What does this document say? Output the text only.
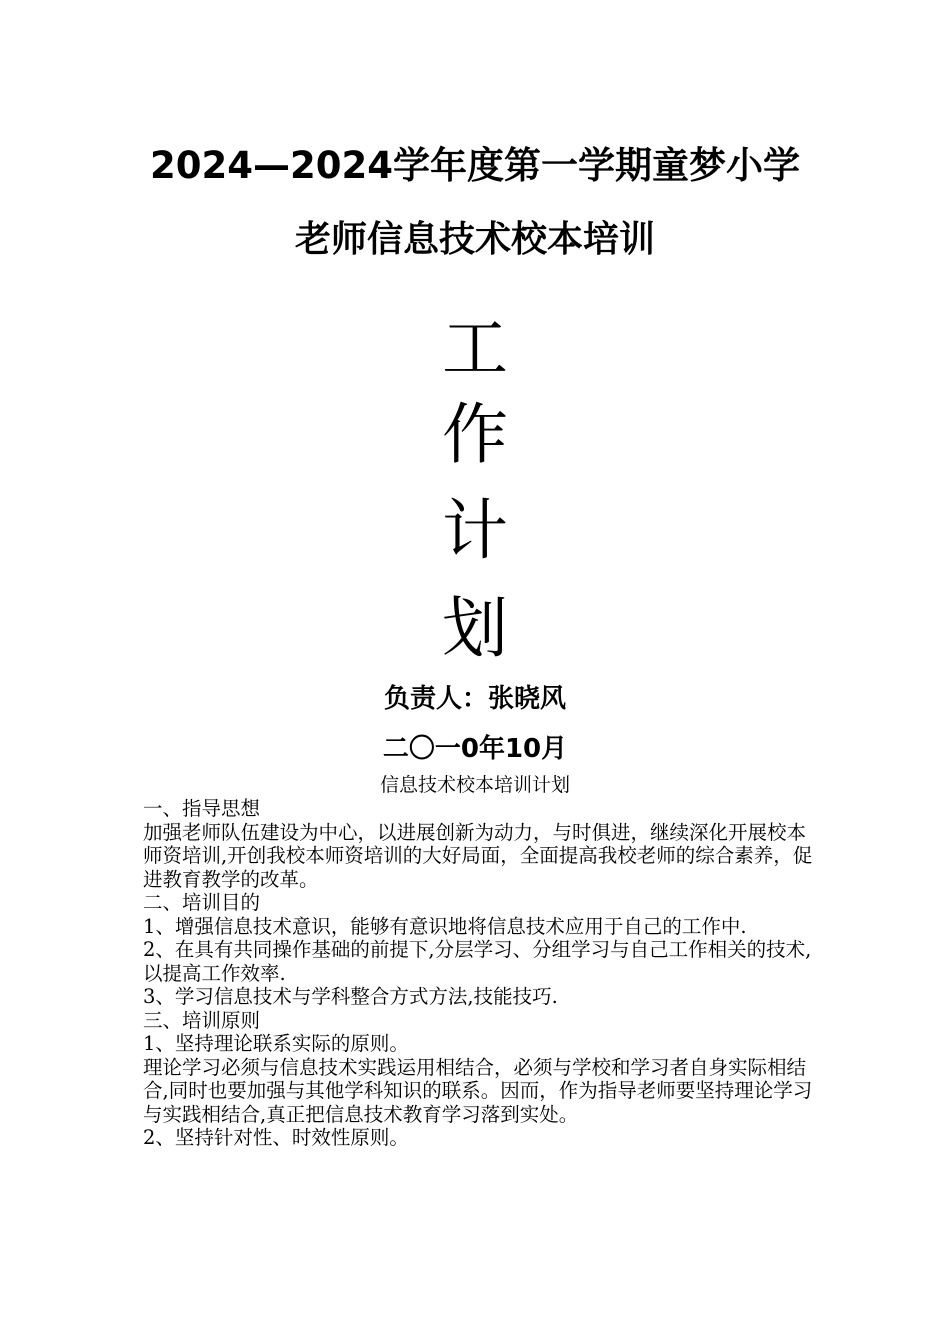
2024—2024学年度第一学期童梦小学
老师信息技术校本培训
工
作
计
划
负责人：张晓风
二〇一0年10月
信息技术校本培训计划

一、指导思想

加强老师队伍建设为中心，以进展创新为动力，与时俱进，继续深化开展校本师资培训,开创我校本师资培训的大好局面，全面提高我校老师的综合素养，促进教育教学的改革。

二、培训目的

1、增强信息技术意识，能够有意识地将信息技术应用于自己的工作中.

2、在具有共同操作基础的前提下,分层学习、分组学习与自己工作相关的技术,以提高工作效率.

3、学习信息技术与学科整合方式方法,技能技巧.

三、培训原则

1、坚持理论联系实际的原则。

理论学习必须与信息技术实践运用相结合，必须与学校和学习者自身实际相结合,同时也要加强与其他学科知识的联系。因而，作为指导老师要坚持理论学习与实践相结合,真正把信息技术教育学习落到实处。

2、坚持针对性、时效性原则。
